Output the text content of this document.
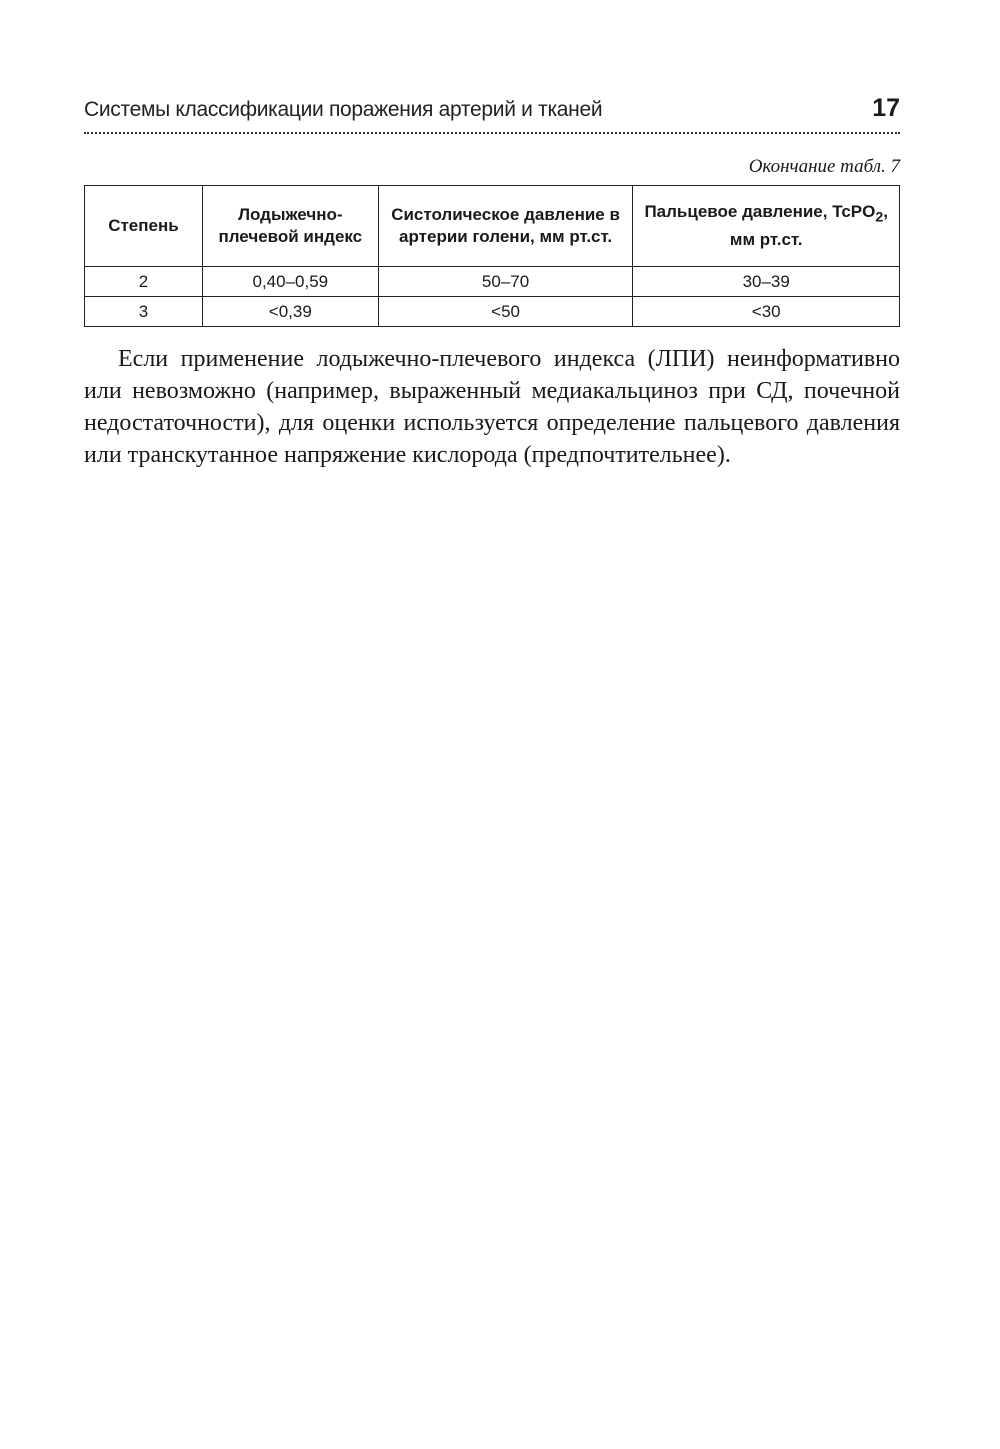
Системы классификации поражения артерий и тканей	17
Окончание табл. 7
Степень	Лодыжечно-плечевой индекс	Систолическое давление в артерии голени, мм рт.ст.	Пальцевое давление, TcPO$_2$, мм рт.ст.
2	0,40–0,59	50–70	30–39
3	<0,39	<50	<30

Если применение лодыжечно-плечевого индекса (ЛПИ) неинформативно или невозможно (например, выраженный медиакальциноз при СД, почечной недостаточности), для оценки используется определение пальцевого давления или транскутанное напряжение кислорода (предпочтительнее).
